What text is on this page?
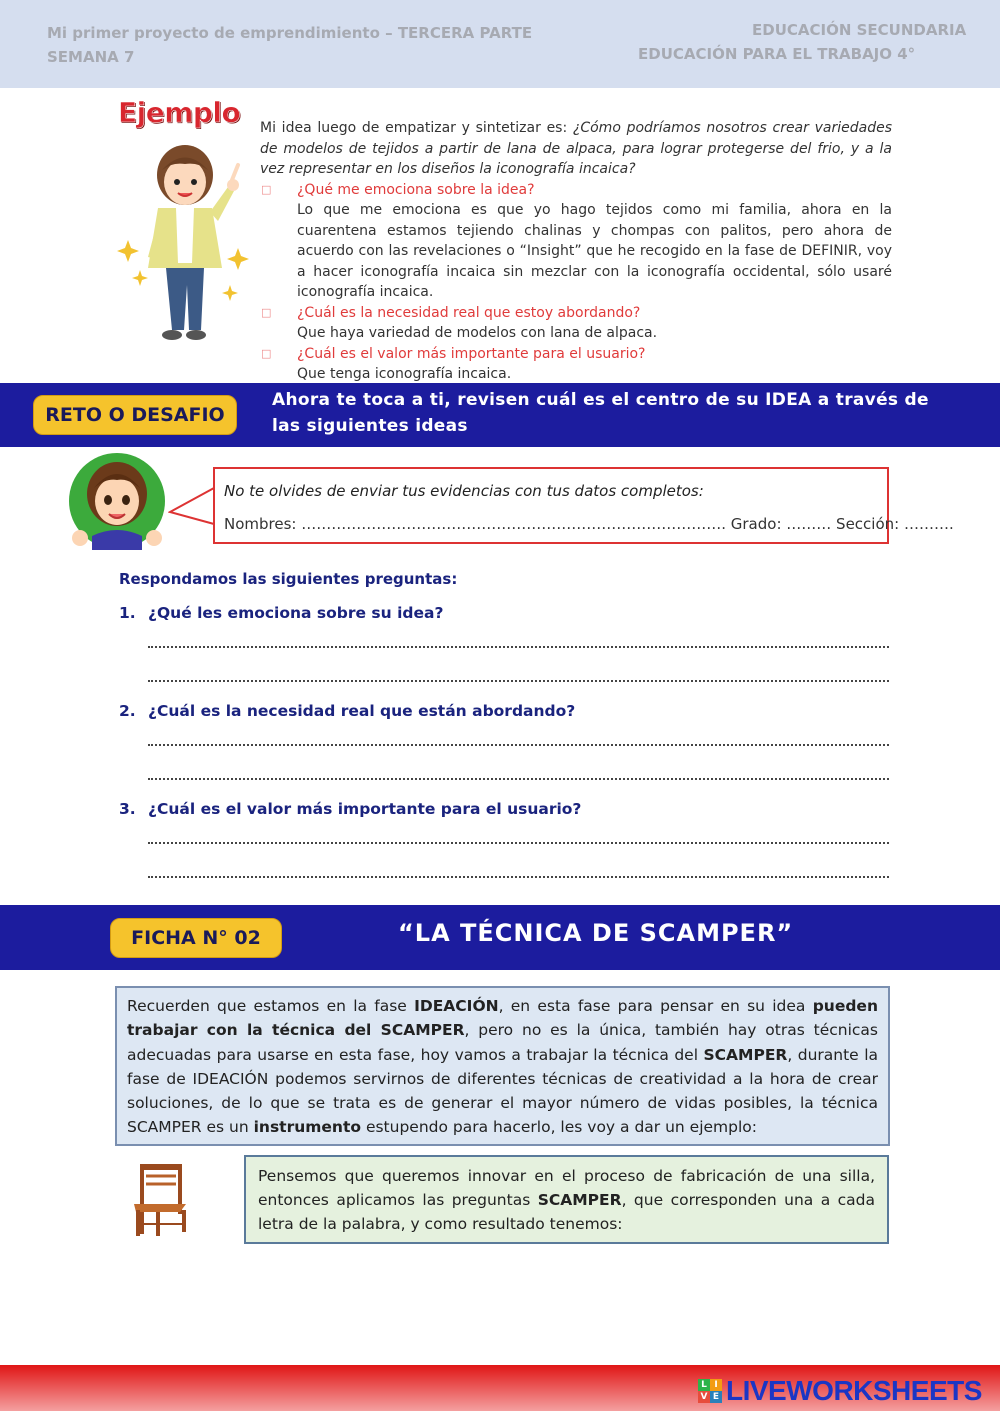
Mi primer proyecto de emprendimiento – TERCERA PARTE
SEMANA 7
EDUCACIÓN SECUNDARIA
EDUCACIÓN PARA EL TRABAJO 4°
Ejemplo Mi idea luego de empatizar y sintetizar es: ¿Cómo podríamos nosotros crear variedades de modelos de tejidos a partir de lana de alpaca, para lograr protegerse del frio, y a la vez representar en los diseños la iconografía incaica?

□ ¿Qué me emociona sobre la idea?

Lo que me emociona es que yo hago tejidos como mi familia, ahora en la cuarentena estamos tejiendo chalinas y chompas con palitos, pero ahora de acuerdo con las revelaciones o “Insight” que he recogido en la fase de DEFINIR, voy a hacer iconografía incaica sin mezclar con la iconografía occidental, sólo usaré iconografía incaica.

□ ¿Cuál es la necesidad real que estoy abordando?

Que haya variedad de modelos con lana de alpaca.

□ ¿Cuál es el valor más importante para el usuario?

Que tenga iconografía incaica.

RETO O DESAFIO
Ahora te toca a ti, revisen cuál es el centro de su IDEA a través de las siguientes ideas
No te olvides de enviar tus evidencias con tus datos completos:
Nombres: …………………………………………………………………………. Grado: ……… Sección: ……….
Respondamos las siguientes preguntas:
1. ¿Qué les emociona sobre su idea?
2. ¿Cuál es la necesidad real que están abordando?
3. ¿Cuál es el valor más importante para el usuario?
FICHA N° 02	“LA TÉCNICA DE SCAMPER”
Recuerden que estamos en la fase IDEACIÓN, en esta fase para pensar en su idea pueden trabajar con la técnica del SCAMPER, pero no es la única, también hay otras técnicas adecuadas para usarse en esta fase, hoy vamos a trabajar la técnica del SCAMPER, durante la fase de IDEACIÓN podemos servirnos de diferentes técnicas de creatividad a la hora de crear soluciones, de lo que se trata es de generar el mayor número de vidas posibles, la técnica SCAMPER es un instrumento estupendo para hacerlo, les voy a dar un ejemplo:
Pensemos que queremos innovar en el proceso de fabricación de una silla, entonces aplicamos las preguntas SCAMPER, que corresponden una a cada letra de la palabra, y como resultado tenemos:
L I
V E LIVEWORKSHEETS
